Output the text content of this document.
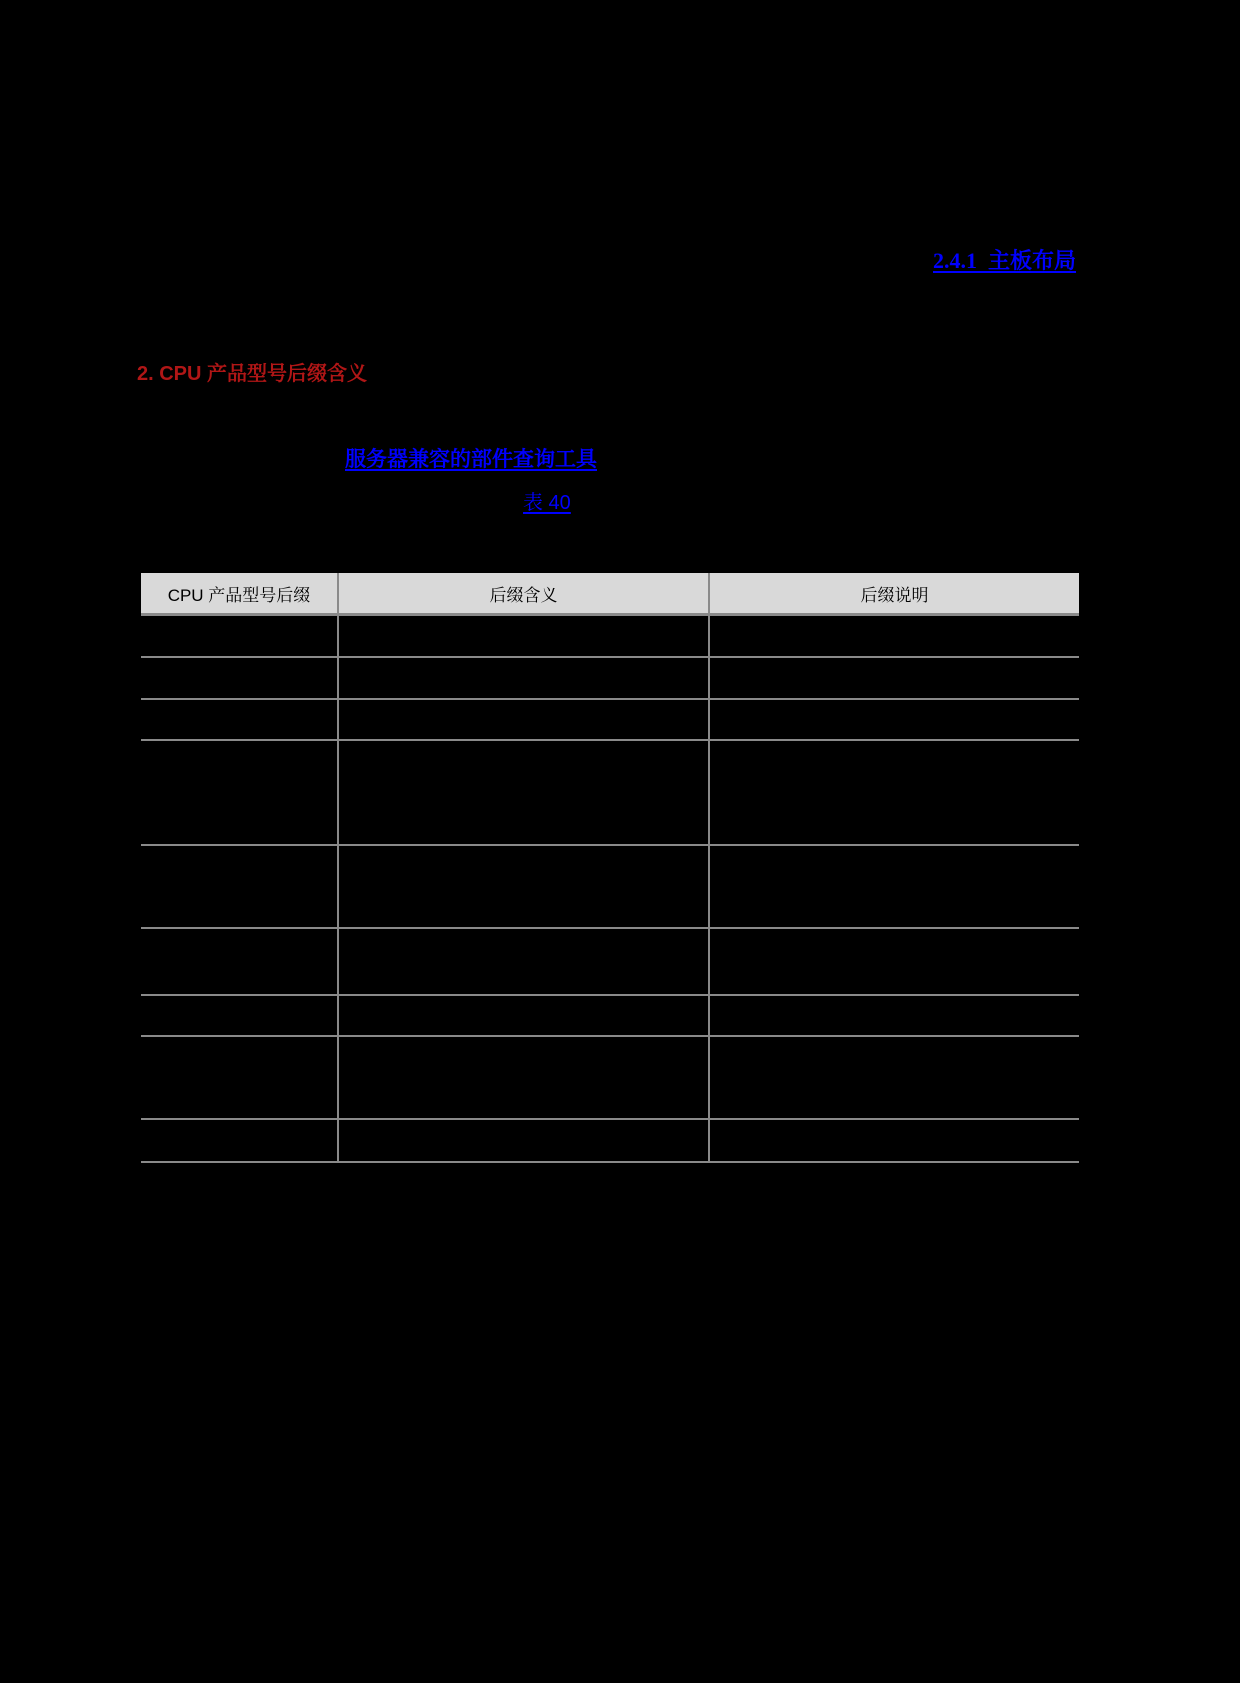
2.4.1  主板布局
2. CPU 产品型号后缀含义
服务器兼容的部件查询工具
表 40
CPU 产品型号后缀	后缀含义	后缀说明
